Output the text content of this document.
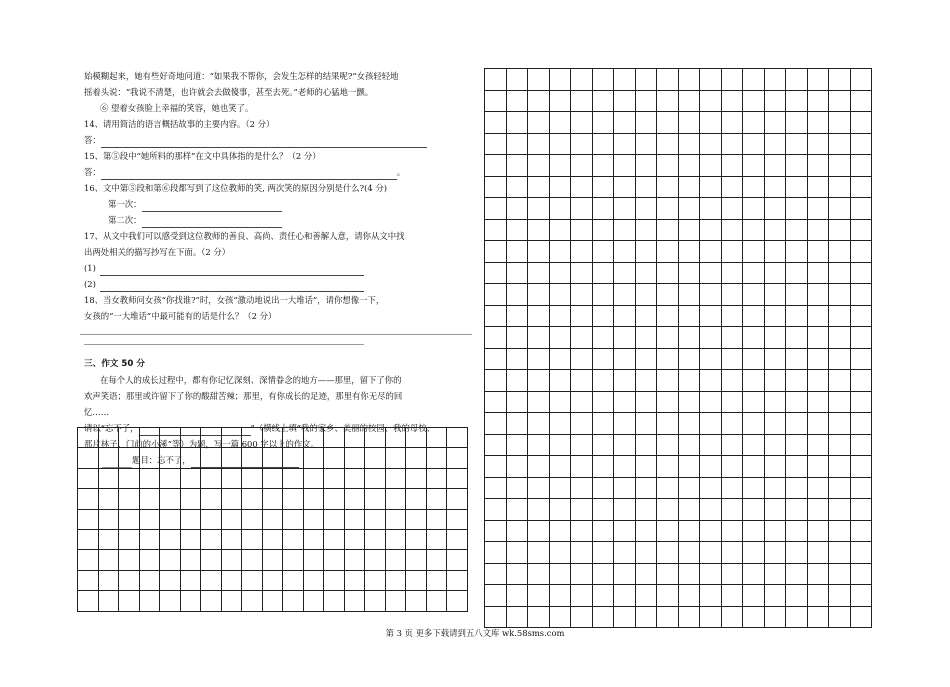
始模糊起来，她有些好奇地问道：“如果我不帮你，会发生怎样的结果呢?”女孩轻轻地
摇着头说：“我说不清楚，也许就会去做傻事，甚至去死。”老师的心猛地一颤。
⑥ 望着女孩脸上幸福的笑容，她也笑了。
14、请用简洁的语言概括故事的主要内容。（2 分）
答：
15、第⑤段中“她所料的那样”在文中具体指的是什么？（2 分）
答：	。
16、文中第⑤段和第⑥段都写到了这位教师的笑, 两次笑的原因分别是什么?(4 分)
第一次：
第二次：
17、从文中我们可以感受到这位教师的善良、高尚、责任心和善解人意，请你从文中找
出两处相关的描写抄写在下面。（2 分）
(1)
(2)
18、当女教师问女孩“你找谁?”时，女孩“激动地说出一大堆话”，请你想像一下，
女孩的“一大堆话”中最可能有的话是什么？（2 分）
三、作文 50 分
在每个人的成长过程中，都有你记忆深刻、深情眷念的地方——那里，留下了你的
欢声笑语；那里或许留下了你的酸甜苦辣；那里，有你成长的足迹，那里有你无尽的回
忆……
请以“忘不了，	”（横线上填“我的家乡、美丽的校园、我的母校、
那片林子、门前的小溪”等）为题，写一篇 600 字以上的作文。
题目：忘不了，

第 3 页 更多下载请到五八文库 wk.58sms.com
